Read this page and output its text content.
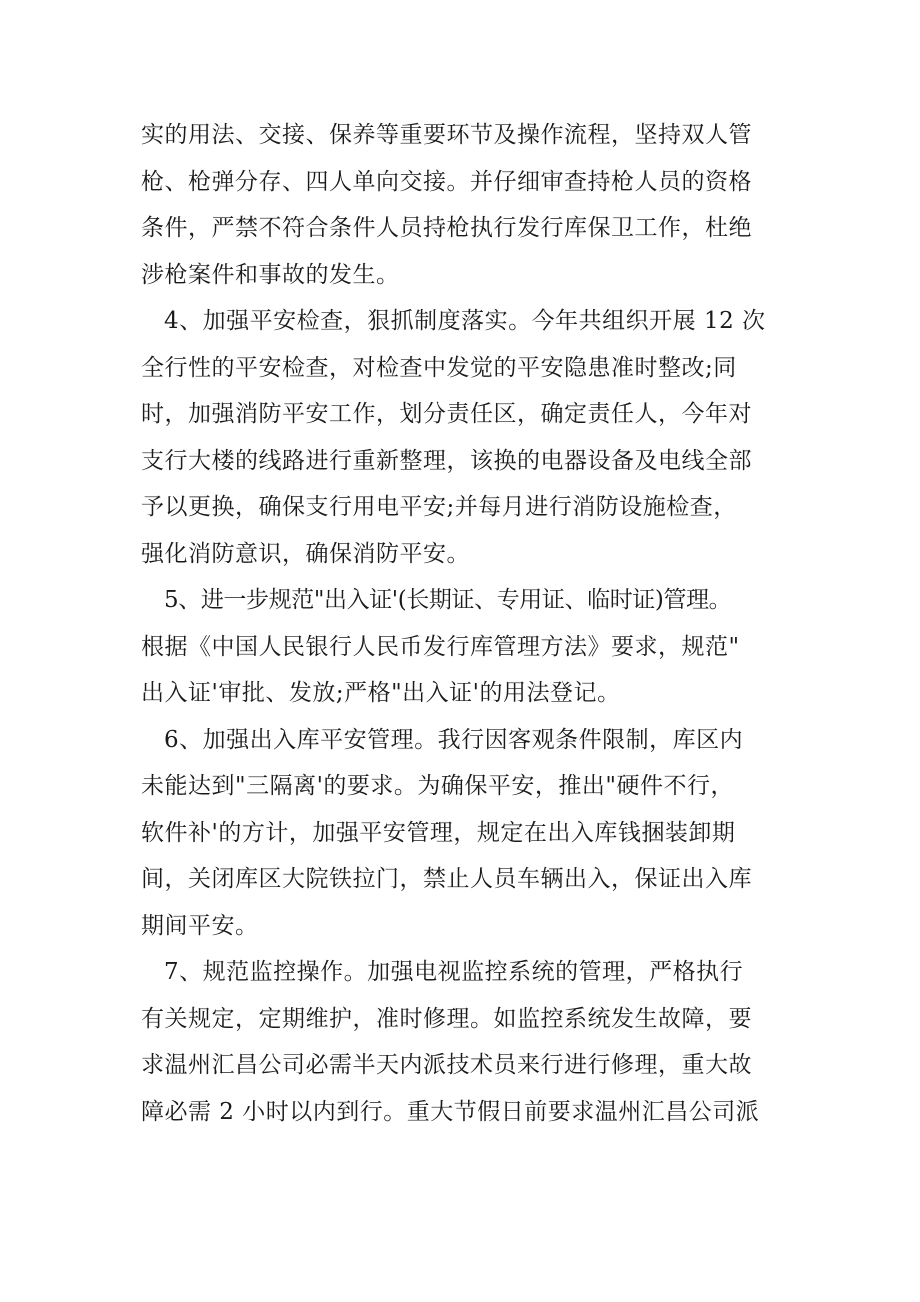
实的用法、交接、保养等重要环节及操作流程，坚持双人管
枪、枪弹分存、四人单向交接。并仔细审查持枪人员的资格
条件，严禁不符合条件人员持枪执行发行库保卫工作，杜绝
涉枪案件和事故的发生。
4、加强平安检查，狠抓制度落实。今年共组织开展 12 次
全行性的平安检查，对检查中发觉的平安隐患准时整改;同
时，加强消防平安工作，划分责任区，确定责任人，今年对
支行大楼的线路进行重新整理，该换的电器设备及电线全部
予以更换，确保支行用电平安;并每月进行消防设施检查，
强化消防意识，确保消防平安。
5、进一步规范"出入证'(长期证、专用证、临时证)管理。
根据《中国人民银行人民币发行库管理方法》要求，规范"
出入证'审批、发放;严格"出入证'的用法登记。
6、加强出入库平安管理。我行因客观条件限制，库区内
未能达到"三隔离'的要求。为确保平安，推出"硬件不行，
软件补'的方计，加强平安管理，规定在出入库钱捆装卸期
间，关闭库区大院铁拉门，禁止人员车辆出入，保证出入库
期间平安。
7、规范监控操作。加强电视监控系统的管理，严格执行
有关规定，定期维护，准时修理。如监控系统发生故障，要
求温州汇昌公司必需半天内派技术员来行进行修理，重大故
障必需 2 小时以内到行。重大节假日前要求温州汇昌公司派
